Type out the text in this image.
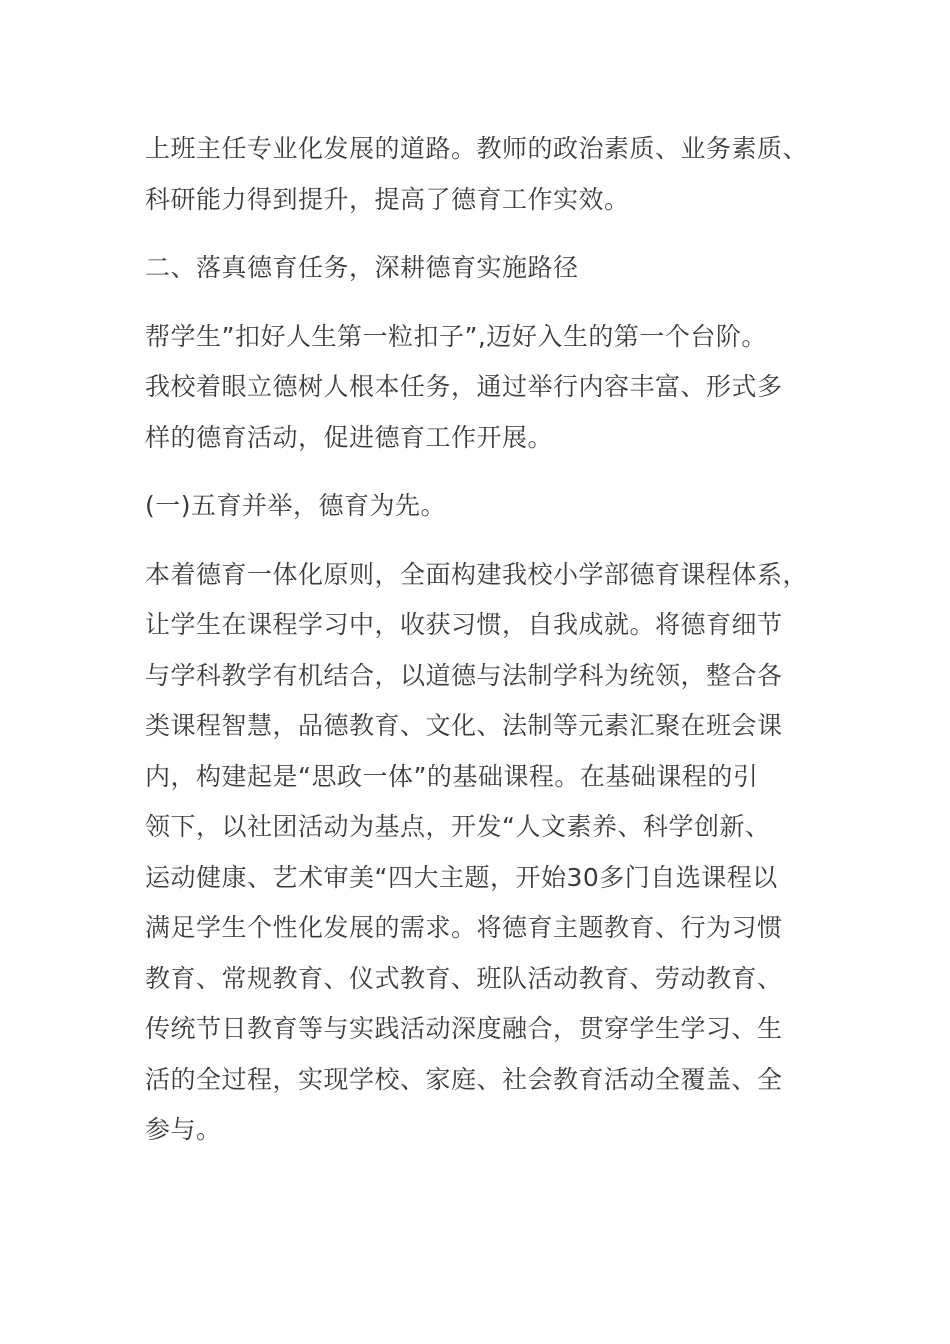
上班主任专业化发展的道路。教师的政治素质、业务素质、
科研能力得到提升，提高了德育工作实效。

二、落真德育任务，深耕德育实施路径

帮学生”扣好人生第一粒扣子”,迈好入生的第一个台阶。
我校着眼立德树人根本任务，通过举行内容丰富、形式多
样的德育活动，促进德育工作开展。

(一)五育并举，德育为先。

本着德育一体化原则，全面构建我校小学部德育课程体系，
让学生在课程学习中，收获习惯，自我成就。将德育细节
与学科教学有机结合，以道德与法制学科为统领，整合各
类课程智慧，品德教育、文化、法制等元素汇聚在班会课
内，构建起是“思政一体”的基础课程。在基础课程的引
领下，以社团活动为基点，开发“人文素养、科学创新、
运动健康、艺术审美“四大主题，开始30多门自选课程以
满足学生个性化发展的需求。将德育主题教育、行为习惯
教育、常规教育、仪式教育、班队活动教育、劳动教育、
传统节日教育等与实践活动深度融合，贯穿学生学习、生
活的全过程，实现学校、家庭、社会教育活动全覆盖、全
参与。
